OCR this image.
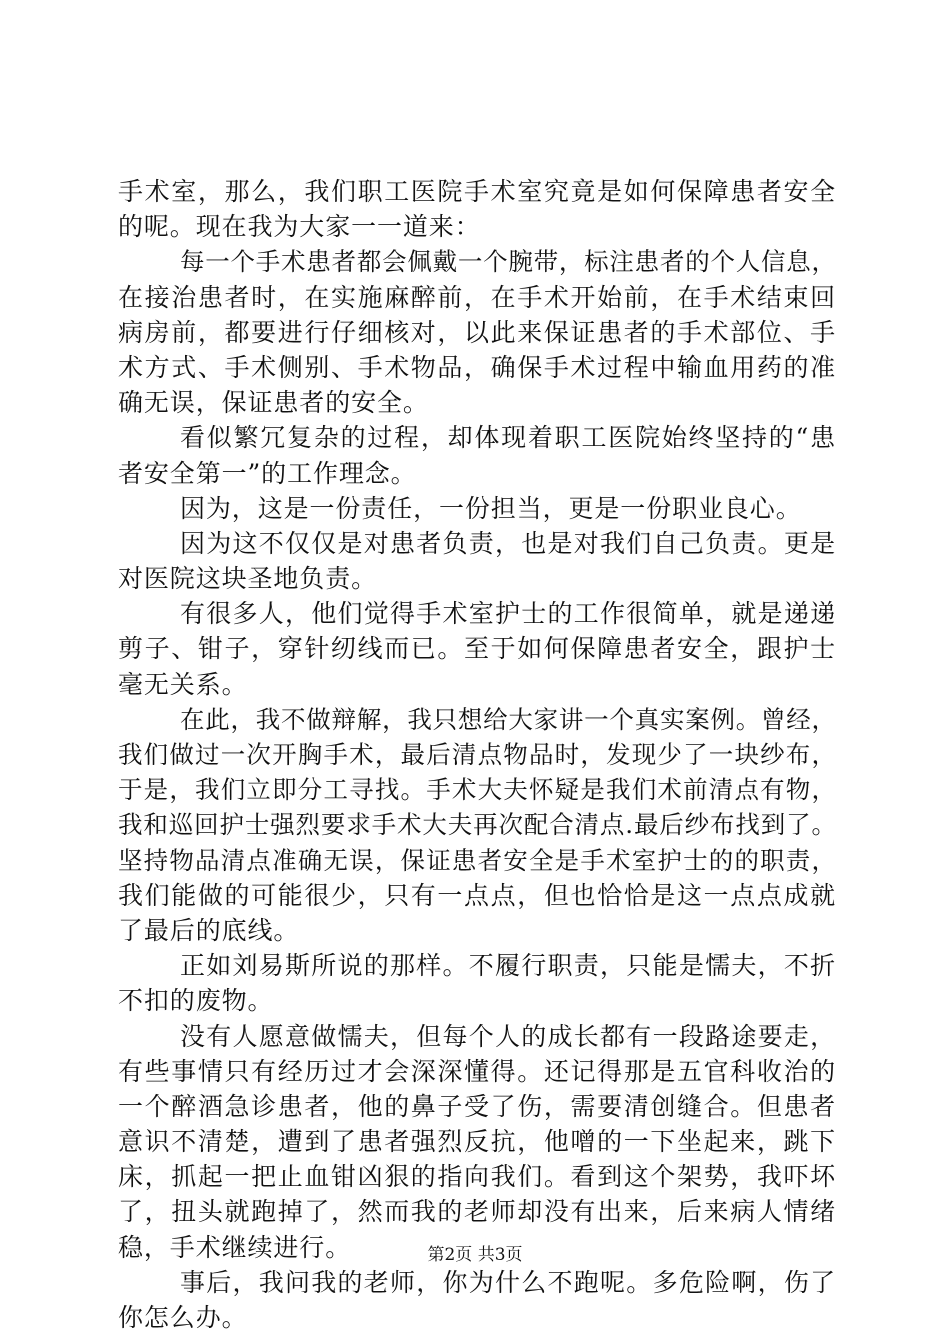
手术室，那么，我们职工医院手术室究竟是如何保障患者安全
的呢。现在我为大家一一道来：
每一个手术患者都会佩戴一个腕带，标注患者的个人信息，
在接治患者时，在实施麻醉前，在手术开始前，在手术结束回
病房前，都要进行仔细核对，以此来保证患者的手术部位、手
术方式、手术侧别、手术物品，确保手术过程中输血用药的准
确无误，保证患者的安全。
看似繁冗复杂的过程，却体现着职工医院始终坚持的“患
者安全第一”的工作理念。
因为，这是一份责任，一份担当，更是一份职业良心。
因为这不仅仅是对患者负责，也是对我们自己负责。更是
对医院这块圣地负责。
有很多人，他们觉得手术室护士的工作很简单，就是递递
剪子、钳子，穿针纫线而已。至于如何保障患者安全，跟护士
毫无关系。
在此，我不做辩解，我只想给大家讲一个真实案例。曾经，
我们做过一次开胸手术，最后清点物品时，发现少了一块纱布，
于是，我们立即分工寻找。手术大夫怀疑是我们术前清点有物，
我和巡回护士强烈要求手术大夫再次配合清点.最后纱布找到了。
坚持物品清点准确无误，保证患者安全是手术室护士的的职责，
我们能做的可能很少，只有一点点，但也恰恰是这一点点成就
了最后的底线。
正如刘易斯所说的那样。不履行职责，只能是懦夫，不折
不扣的废物。
没有人愿意做懦夫，但每个人的成长都有一段路途要走，
有些事情只有经历过才会深深懂得。还记得那是五官科收治的
一个醉酒急诊患者，他的鼻子受了伤，需要清创缝合。但患者
意识不清楚，遭到了患者强烈反抗，他噌的一下坐起来，跳下
床，抓起一把止血钳凶狠的指向我们。看到这个架势，我吓坏
了，扭头就跑掉了，然而我的老师却没有出来，后来病人情绪
稳，手术继续进行。
事后，我问我的老师，你为什么不跑呢。多危险啊，伤了
你怎么办。
第2页 共3页
